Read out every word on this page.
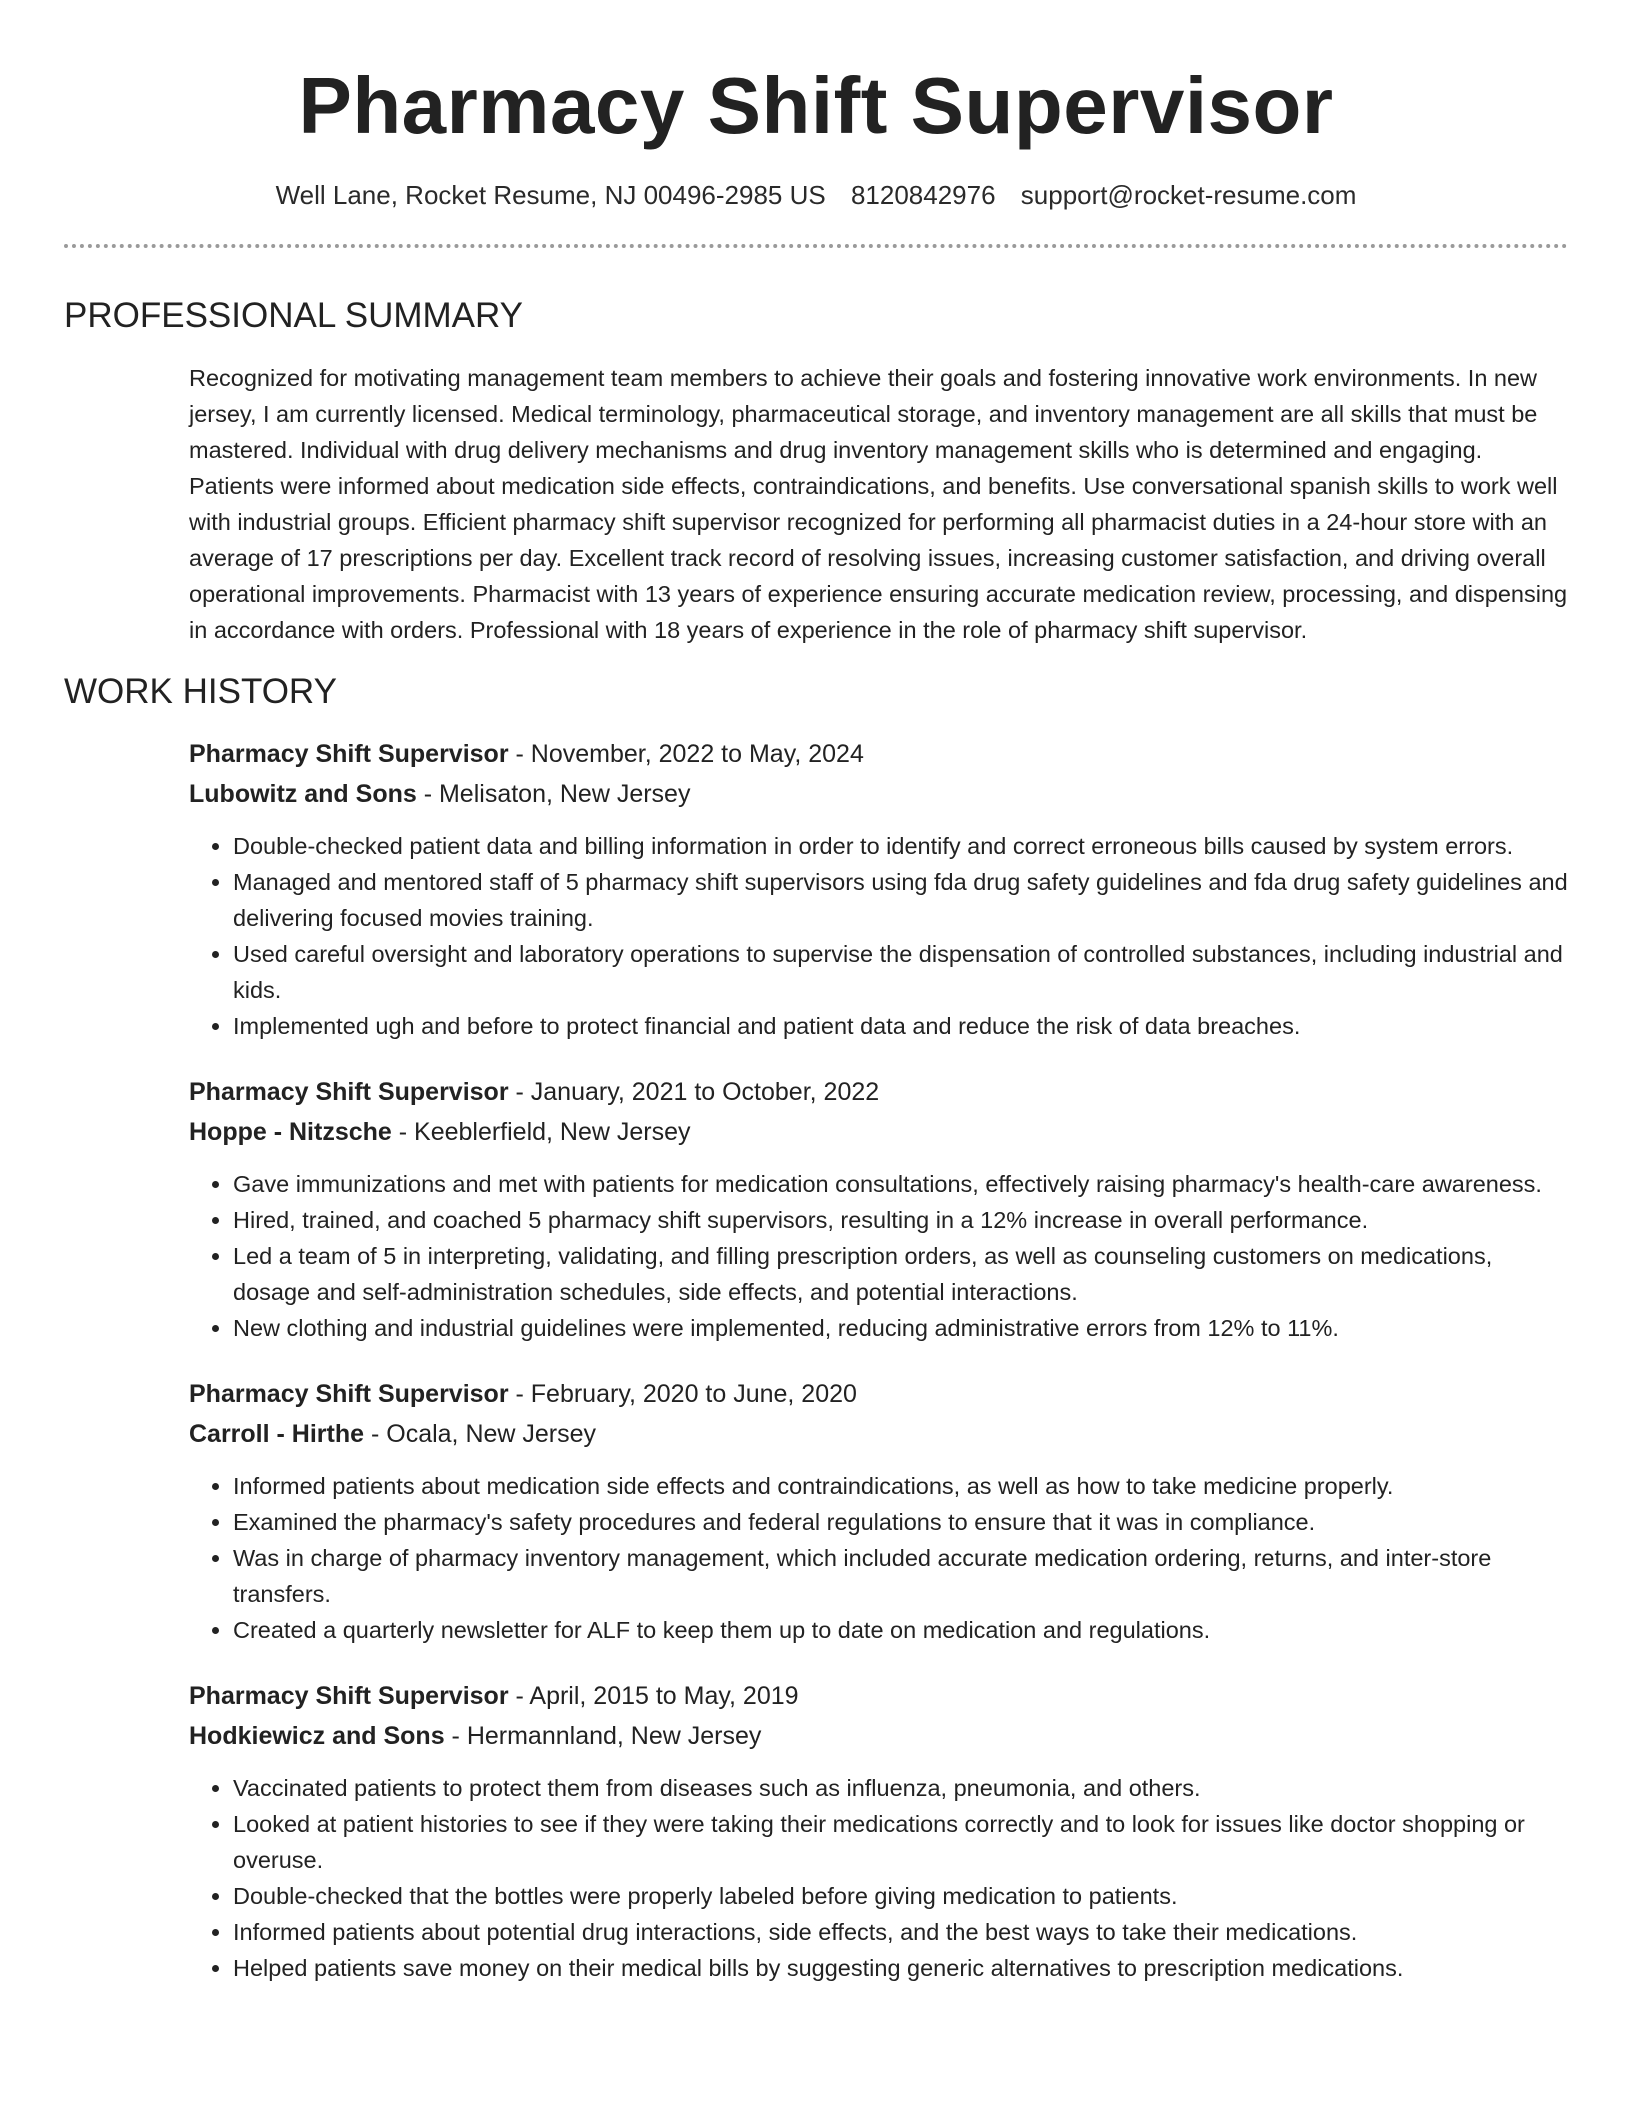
Pharmacy Shift Supervisor
Well Lane, Rocket Resume, NJ 00496-2985 US 8120842976 support@rocket-resume.com
PROFESSIONAL SUMMARY
Recognized for motivating management team members to achieve their goals and fostering innovative work environments. In new jersey, I am currently licensed. Medical terminology, pharmaceutical storage, and inventory management are all skills that must be mastered. Individual with drug delivery mechanisms and drug inventory management skills who is determined and engaging. Patients were informed about medication side effects, contraindications, and benefits. Use conversational spanish skills to work well with industrial groups. Efficient pharmacy shift supervisor recognized for performing all pharmacist duties in a 24-hour store with an average of 17 prescriptions per day. Excellent track record of resolving issues, increasing customer satisfaction, and driving overall operational improvements. Pharmacist with 13 years of experience ensuring accurate medication review, processing, and dispensing in accordance with orders. Professional with 18 years of experience in the role of pharmacy shift supervisor.
WORK HISTORY
Pharmacy Shift Supervisor - November, 2022 to May, 2024
Lubowitz and Sons - Melisaton, New Jersey
• Double-checked patient data and billing information in order to identify and correct erroneous bills caused by system errors.
• Managed and mentored staff of 5 pharmacy shift supervisors using fda drug safety guidelines and fda drug safety guidelines and delivering focused movies training.
• Used careful oversight and laboratory operations to supervise the dispensation of controlled substances, including industrial and kids.
• Implemented ugh and before to protect financial and patient data and reduce the risk of data breaches.
Pharmacy Shift Supervisor - January, 2021 to October, 2022
Hoppe - Nitzsche - Keeblerfield, New Jersey
• Gave immunizations and met with patients for medication consultations, effectively raising pharmacy's health-care awareness.
• Hired, trained, and coached 5 pharmacy shift supervisors, resulting in a 12% increase in overall performance.
• Led a team of 5 in interpreting, validating, and filling prescription orders, as well as counseling customers on medications, dosage and self-administration schedules, side effects, and potential interactions.
• New clothing and industrial guidelines were implemented, reducing administrative errors from 12% to 11%.
Pharmacy Shift Supervisor - February, 2020 to June, 2020
Carroll - Hirthe - Ocala, New Jersey
• Informed patients about medication side effects and contraindications, as well as how to take medicine properly.
• Examined the pharmacy's safety procedures and federal regulations to ensure that it was in compliance.
• Was in charge of pharmacy inventory management, which included accurate medication ordering, returns, and inter-store transfers.
• Created a quarterly newsletter for ALF to keep them up to date on medication and regulations.
Pharmacy Shift Supervisor - April, 2015 to May, 2019
Hodkiewicz and Sons - Hermannland, New Jersey
• Vaccinated patients to protect them from diseases such as influenza, pneumonia, and others.
• Looked at patient histories to see if they were taking their medications correctly and to look for issues like doctor shopping or overuse.
• Double-checked that the bottles were properly labeled before giving medication to patients.
• Informed patients about potential drug interactions, side effects, and the best ways to take their medications.
• Helped patients save money on their medical bills by suggesting generic alternatives to prescription medications.
